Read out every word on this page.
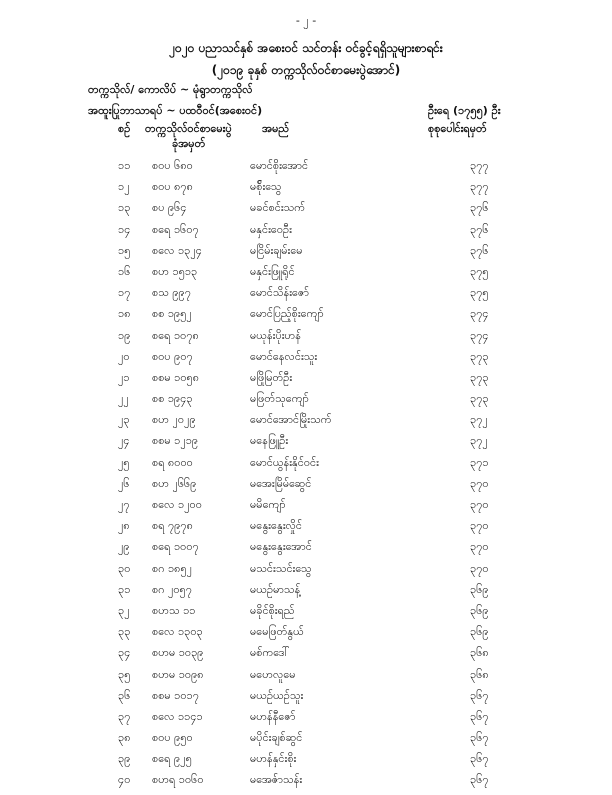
- ၂ -
၂၀၂၀ ပညာသင်နှစ် အစေးဝင် သင်တန်း ဝင်ခွင့်ရရှိသူများစာရင်း
(၂၀၁၉ ခုနှစ် တက္ကသိုလ်ဝင်စာမေးပွဲအောင်)
တက္ကသိုလ်/ ကောလိပ် ~ မုံရွာတက္ကသိုလ်
အထူးပြုဘာသာရပ် ~ ပထဝီဝင်(အစေးဝင်)	ဦးရေ (၁၇၅၅) ဦး
စဉ် တက္ကသိုလ်ဝင်စာမေးပွဲ
ခုံအမှတ်
အမည်	စုစုပေါင်းရမှတ်
၁၁ စဝပ ၆၈၀	မောင်စိုးအောင်	၃၇၇
၁၂ စဝပ ၈၇၈	မစ်ိုးသွေ	၃၇၇
၁၃ စပ ၉၆၄	မခင်စင်းသက်	၃၇၆
၁၄ စရေ ၁၆၀၇	မနှင်းဝေဦး	၃၇၆
၁၅ စလေ ၁၃၂၄	မငြိမ်းချမ်းမေ	၃၇၆
၁၆ စဟ ၁၅၁၃	မနှင်းဖြူရိုင်	၃၇၅
၁၇ စသ ၉၉၇	မောင်သိန်းဇော်	၃၇၅
၁၈ စစ ၁၉၅၂	မောင်ပြည့်စိုးကျော်	၃၇၄
၁၉ စရေ ၁၀၇၈	မယုန်းပိုးဟန်	၃၇၄
၂၀ စဝပ ၉၀၇	မောင်နေလင်းသူး	၃၇၃
၂၁ စစမ ၁၀၅၈	မဖြိုမြတ်ဦး	၃၇၃
၂၂ စစ ၁၉၄၃	မဖြတ်သုကျော်	၃၇၃
၂၃ စဟ ၂၀၂၉	မောင်အောင်မြိုးသက်	၃၇၂
၂၄ စစမ ၁၂၁၉	မနေဖြူဦး	၃၇၂
၂၅ စရ ၈၀၀၀	မောင်ယွန်းနိုင်ဝင်း	၃၇၁
၂၆ စဟ ၂၆၆၉	မအေးမြိမ်ဆွေင်	၃၇၀
၂၇ စလေ ၁၂၀၀	မမိကျော်	၃၇၀
၂၈ စရ ၇၉၇၈	မနွေးနွေးလှိုင်	၃၇၀
၂၉ စရေ ၁၀၀၇	မနွေးနွေးအောင်	၃၇၀
၃၀ စဂ ၁၈၅၂	မသင်းသင်းသွေ	၃၇၀
၃၁ စဂ ၂၀၅၇	မယဉ်မာသန့်	၃၆၉
၃၂ စဟသ ၁၁	မခိုင်စိုးရည်	၃၆၉
၃၃ စလေ ၁၃၀၃	မမေဖြတ်နွယ်	၃၆၉
၃၄ စဟမ ၁၀၃၉	မစ်ကဒေါ်	၃၆၈
၃၅ စဟမ ၁၀၉၈	မဟေလူမေ	၃၆၈
၃၆ စစမ ၁၀၁၇	မယဉ်ယဉ်သူး	၃၆၇
၃၇ စလေ ၁၁၄၁	မဟန်နီဇော်	၃၆၇
၃၈ စဝပ ၉၅၀	မပိုင်းချစ်ဆွင်	၃၆၇
၃၉ စရေ ၉၂၅	မဟန်နှင်းစိုး	၃၆၇
၄၀ စဟရ ၁၀၆၀	မအေဇ်ာသန်း	၃၆၇
